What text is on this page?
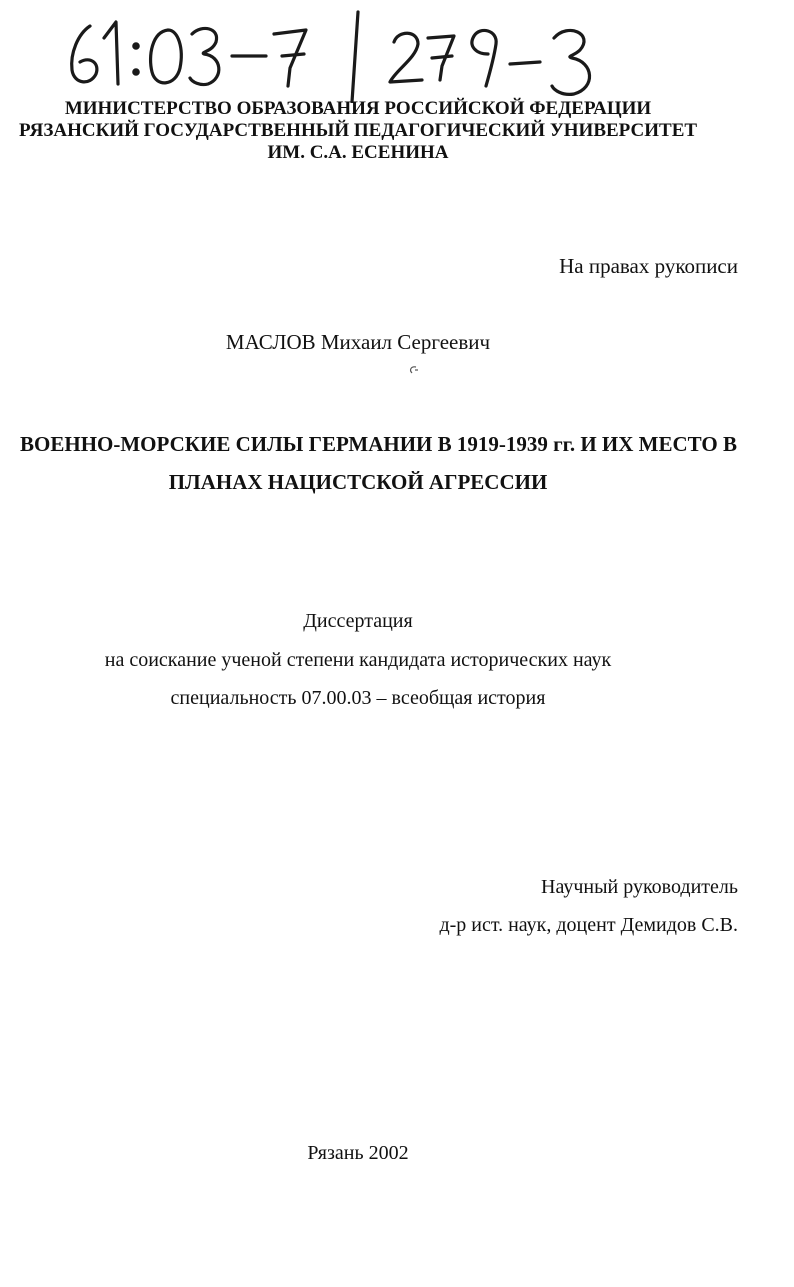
МИНИСТЕРСТВО ОБРАЗОВАНИЯ РОССИЙСКОЙ ФЕДЕРАЦИИ
РЯЗАНСКИЙ ГОСУДАРСТВЕННЫЙ ПЕДАГОГИЧЕСКИЙ УНИВЕРСИТЕТ
ИМ. С.А. ЕСЕНИНА
На правах рукописи
МАСЛОВ Михаил Сергеевич
ВОЕННО-МОРСКИЕ СИЛЫ ГЕРМАНИИ В 1919-1939 гг. И ИХ МЕСТО В
ПЛАНАХ НАЦИСТСКОЙ АГРЕССИИ
Диссертация
на соискание ученой степени кандидата исторических наук
специальность 07.00.03 – всеобщая история
Научный руководитель
д-р ист. наук, доцент Демидов С.В.
Рязань 2002
